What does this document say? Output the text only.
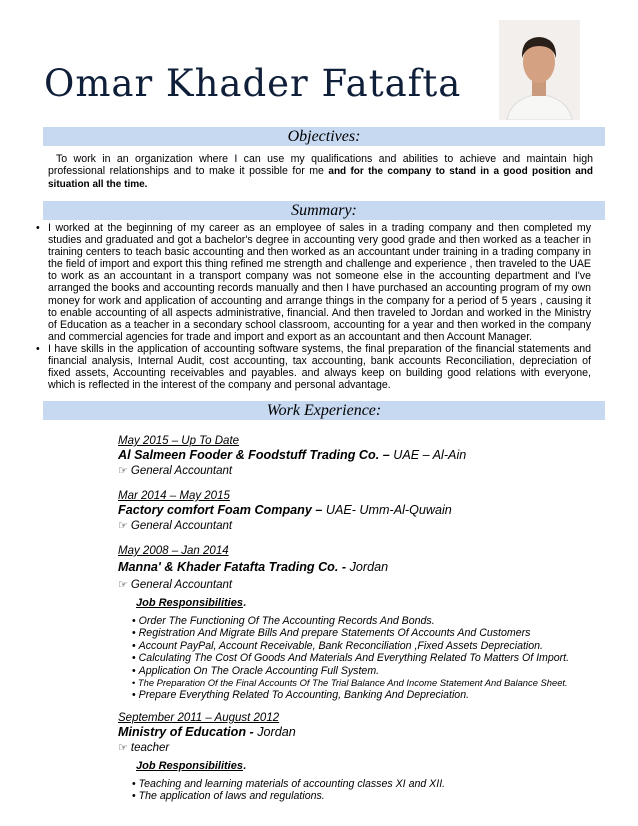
Omar Khader Fatafta
Objectives:
To work in an organization where I can use my qualifications and abilities to achieve and maintain high professional relationships and to make it possible for me and for the company to stand in a good position and situation all the time.
Summary:
• I worked at the beginning of my career as an employee of sales in a trading company and then completed my studies and graduated and got a bachelor's degree in accounting very good grade and then worked as a teacher in training centers to teach basic accounting and then worked as an accountant under training in a trading company in the field of import and export this thing refined me strength and challenge and experience , then traveled to the UAE to work as an accountant in a transport company was not someone else in the accounting department and I've arranged the books and accounting records manually and then I have purchased an accounting program of my own money for work and application of accounting and arrange things in the company for a period of 5 years , causing it to enable accounting of all aspects administrative, financial. And then traveled to Jordan and worked in the Ministry of Education as a teacher in a secondary school classroom, accounting for a year and then worked in the company and commercial agencies for trade and import and export as an accountant and then Account Manager.
• I have skills in the application of accounting software systems, the final preparation of the financial statements and financial analysis, Internal Audit, cost accounting, tax accounting, bank accounts Reconciliation, depreciation of fixed assets, Accounting receivables and payables. and always keep on building good relations with everyone, which is reflected in the interest of the company and personal advantage.
Work Experience:
May 2015 – Up To Date
Al Salmeen Fooder & Foodstuff Trading Co. – UAE – Al-Ain
☞ General Accountant
Mar 2014 – May 2015
Factory comfort Foam Company – UAE- Umm-Al-Quwain
☞ General Accountant
May 2008 – Jan 2014
Manna' & Khader Fatafta Trading Co. - Jordan
☞ General Accountant
Job Responsibilities.
• Order The Functioning Of The Accounting Records And Bonds.
• Registration And Migrate Bills And prepare Statements Of Accounts And Customers
• Account PayPal, Account Receivable, Bank Reconciliation ,Fixed Assets Depreciation.
• Calculating The Cost Of Goods And Materials And Everything Related To Matters Of Import.
• Application On The Oracle Accounting Full System.
• The Preparation Of the Final Accounts Of The Trial Balance And Income Statement And Balance Sheet.
• Prepare Everything Related To Accounting, Banking And Depreciation.
September 2011 – August 2012
Ministry of Education - Jordan
☞ teacher
Job Responsibilities.
• Teaching and learning materials of accounting classes XI and XII.
• The application of laws and regulations.
